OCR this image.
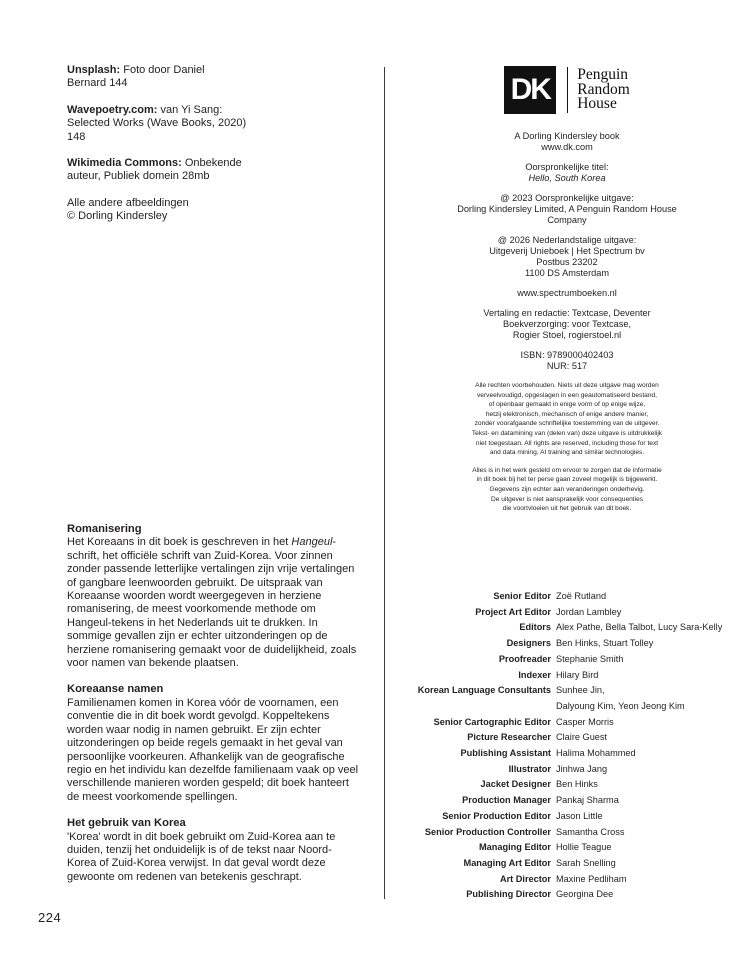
Unsplash: Foto door Daniel
Bernard 144
Wavepoetry.com: van Yi Sang:
Selected Works (Wave Books, 2020)
148
Wikimedia Commons: Onbekende
auteur, Publiek domein 28mb
Alle andere afbeeldingen
© Dorling Kindersley
Romanisering

Het Koreaans in dit boek is geschreven in het Hangeul-schrift, het officiële schrift van Zuid-Korea. Voor zinnen zonder passende letterlijke vertalingen zijn vrije vertalingen of gangbare leenwoorden gebruikt. De uitspraak van Koreaanse woorden wordt weergegeven in herziene romanisering, de meest voorkomende methode om Hangeul-tekens in het Nederlands uit te drukken. In sommige gevallen zijn er echter uitzonderingen op de herziene romanisering gemaakt voor de duidelijkheid, zoals voor namen van bekende plaatsen.

Koreaanse namen

Familienamen komen in Korea vóór de voornamen, een conventie die in dit boek wordt gevolgd. Koppeltekens worden waar nodig in namen gebruikt. Er zijn echter uitzonderingen op beide regels gemaakt in het geval van persoonlijke voorkeuren. Afhankelijk van de geografische regio en het individu kan dezelfde familienaam vaak op veel verschillende manieren worden gespeld; dit boek hanteert de meest voorkomende spellingen.

Het gebruik van Korea

'Korea' wordt in dit boek gebruikt om Zuid-Korea aan te duiden, tenzij het onduidelijk is of de tekst naar Noord-Korea of Zuid-Korea verwijst. In dat geval wordt deze gewoonte om redenen van betekenis geschrapt.

224
DK	Penguin
Random
House

A Dorling Kindersley book
www.dk.com

Oorspronkelijke titel:
Hello, South Korea

@ 2023 Oorspronkelijke uitgave:
Dorling Kindersley Limited, A Penguin Random House
Company

@ 2026 Nederlandstalige uitgave:
Uitgeverij Unieboek | Het Spectrum bv
Postbus 23202
1100 DS Amsterdam

www.spectrumboeken.nl

Vertaling en redactie: Textcase, Deventer
Boekverzorging: voor Textcase,
Rogier Stoel, rogierstoel.nl

ISBN: 9789000402403
NUR: 517

Alle rechten voorbehouden. Niets uit deze uitgave mag worden
verveelvoudigd, opgeslagen in een geautomatiseerd bestand,
of openbaar gemaakt in enige vorm of op enige wijze,
hetzij elektronisch, mechanisch of enige andere manier,
zonder voorafgaande schriftelijke toestemming van de uitgever.
Tekst- en datamining van (delen van) deze uitgave is uitdrukkelijk
niet toegestaan. All rights are reserved, including those for text
and data mining, AI training and similar technologies.

Alles is in het werk gesteld om ervoor te zorgen dat de informatie
in dit boek bij het ter perse gaan zoveel mogelijk is bijgewerkt.
Gegevens zijn echter aan veranderingen onderhevig.
De uitgever is niet aansprakelijk voor consequenties
die voortvloeien uit het gebruik van dit boek.

Senior Editor Zoë Rutland
Project Art Editor Jordan Lambley
Editors Alex Pathe, Bella Talbot, Lucy Sara-Kelly
Designers Ben Hinks, Stuart Tolley
Proofreader Stephanie Smith
Indexer Hilary Bird
Korean Language Consultants Sunhee Jin,
Dalyoung Kim, Yeon Jeong Kim
Senior Cartographic Editor Casper Morris
Picture Researcher Claire Guest
Publishing Assistant Halima Mohammed
Illustrator Jinhwa Jang
Jacket Designer Ben Hinks
Production Manager Pankaj Sharma
Senior Production Editor Jason Little
Senior Production Controller Samantha Cross
Managing Editor Hollie Teague
Managing Art Editor Sarah Snelling
Art Director Maxine Pedliham
Publishing Director Georgina Dee
